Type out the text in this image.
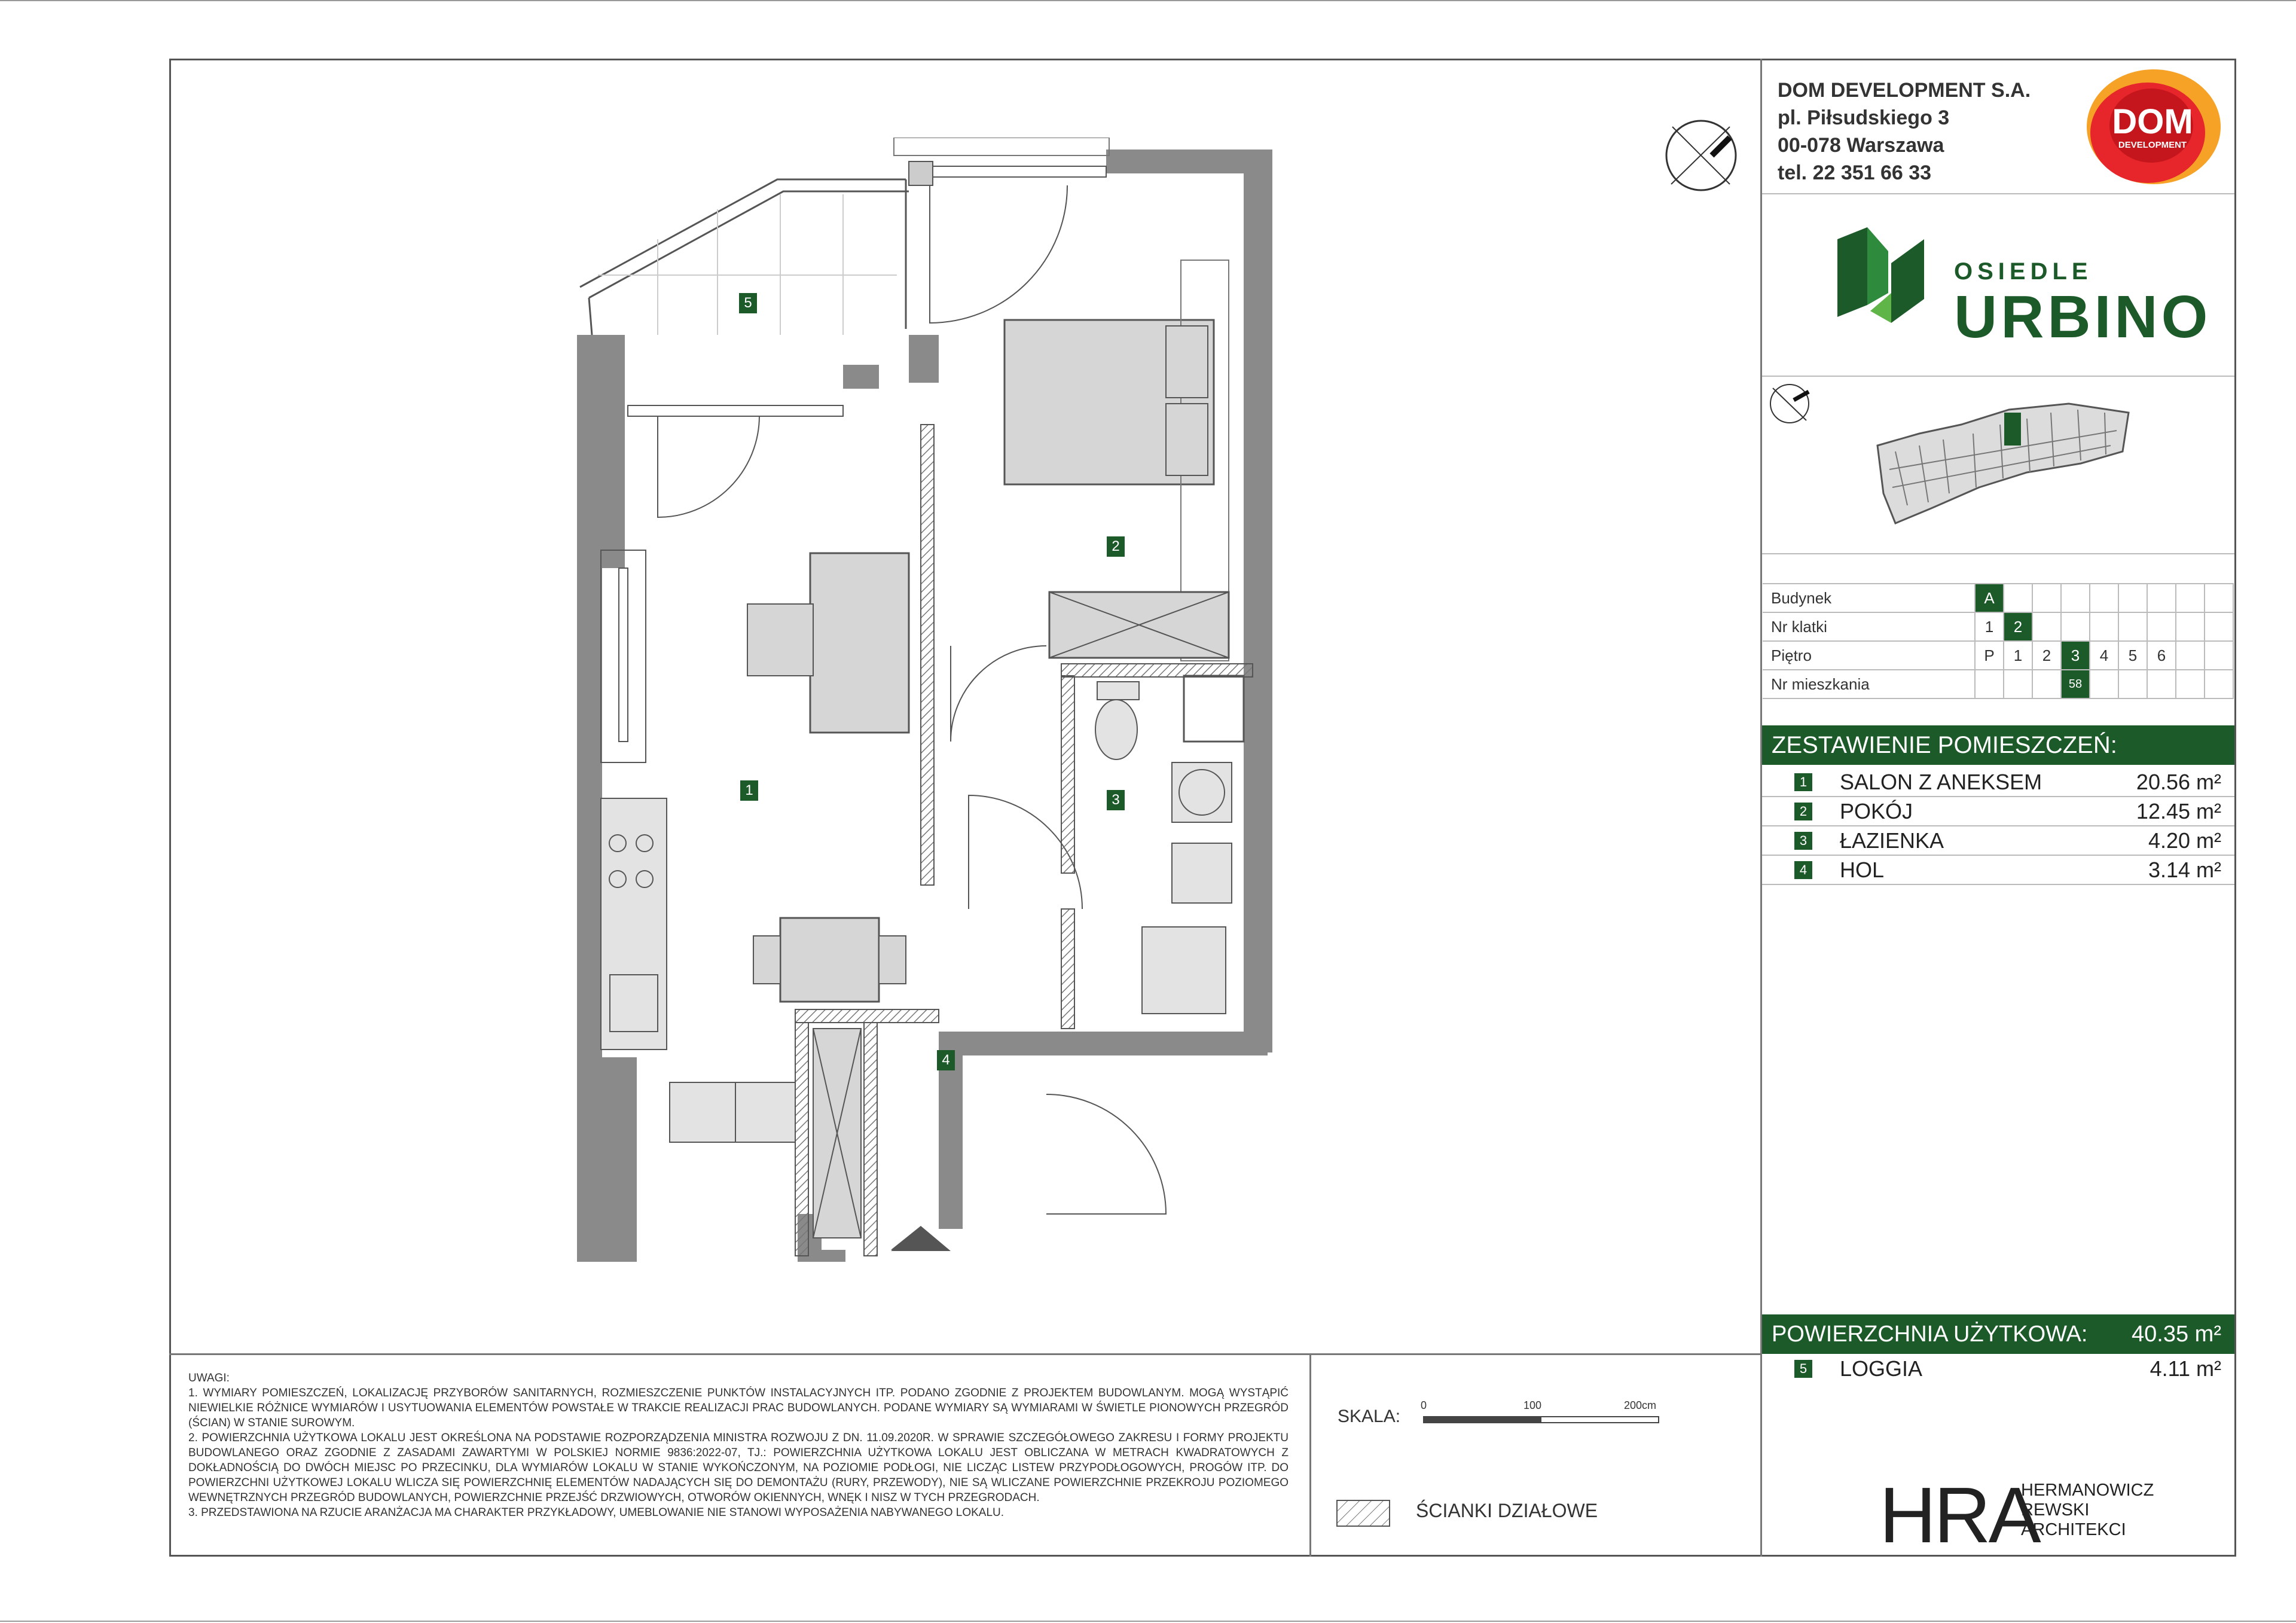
DOM DEVELOPMENT S.A.
pl. Piłsudskiego 3
00-078 Warszawa
tel. 22 351 66 33
DOM
DEVELOPMENT
OSIEDLE
URBINO
Budynek	A								
Nr klatki	1	2							
Piętro	P	1	2	3	4	5	6		
Nr mieszkania				58					
ZESTAWIENIE POMIESZCZEŃ:
1 SALON Z ANEKSEM	20.56 m²
2 POKÓJ	12.45 m²
3 ŁAZIENKA	4.20 m²
4 HOL	3.14 m²
POWIERZCHNIA UŻYTKOWA: 40.35 m²
5 LOGGIA	4.11 m²
5
2
1
3
4

UWAGI:

1. WYMIARY POMIESZCZEŃ, LOKALIZACJĘ PRZYBORÓW SANITARNYCH, ROZMIESZCZENIE PUNKTÓW INSTALACYJNYCH ITP. PODANO ZGODNIE Z PROJEKTEM BUDOWLANYM. MOGĄ WYSTĄPIĆ NIEWIELKIE RÓŻNICE WYMIARÓW I USYTUOWANIA ELEMENTÓW POWSTAŁE W TRAKCIE REALIZACJI PRAC BUDOWLANYCH. PODANE WYMIARY SĄ WYMIARAMI W ŚWIETLE PIONOWYCH PRZEGRÓD (ŚCIAN) W STANIE SUROWYM.

2. POWIERZCHNIA UŻYTKOWA LOKALU JEST OKREŚLONA NA PODSTAWIE ROZPORZĄDZENIA MINISTRA ROZWOJU Z DN. 11.09.2020R. W SPRAWIE SZCZEGÓŁOWEGO ZAKRESU I FORMY PROJEKTU BUDOWLANEGO ORAZ ZGODNIE Z ZASADAMI ZAWARTYMI W POLSKIEJ NORMIE 9836:2022-07, TJ.: POWIERZCHNIA UŻYTKOWA LOKALU JEST OBLICZANA W METRACH KWADRATOWYCH Z DOKŁADNOŚCIĄ DO DWÓCH MIEJSC PO PRZECINKU, DLA WYMIARÓW LOKALU W STANIE WYKOŃCZONYM, NA POZIOMIE PODŁOGI, NIE LICZĄC LISTEW PRZYPODŁOGOWYCH, PROGÓW ITP. DO POWIERZCHNI UŻYTKOWEJ LOKALU WLICZA SIĘ POWIERZCHNIĘ ELEMENTÓW NADAJĄCYCH SIĘ DO DEMONTAŻU (RURY, PRZEWODY), NIE SĄ WLICZANE POWIERZCHNIE PRZEKROJU POZIOMEGO WEWNĘTRZNYCH PRZEGRÓD BUDOWLANYCH, POWIERZCHNIE PRZEJŚĆ DRZWIOWYCH, OTWORÓW OKIENNYCH, WNĘK I NISZ W TYCH PRZEGRODACH.

3. PRZEDSTAWIONA NA RZUCIE ARANŻACJA MA CHARAKTER PRZYKŁADOWY, UMEBLOWANIE NIE STANOWI WYPOSAŻENIA NABYWANEGO LOKALU.

SKALA:
0	100	200cm
ŚCIANKI DZIAŁOWE	HRA
HERMANOWICZ
REWSKI
ARCHITEKCI
